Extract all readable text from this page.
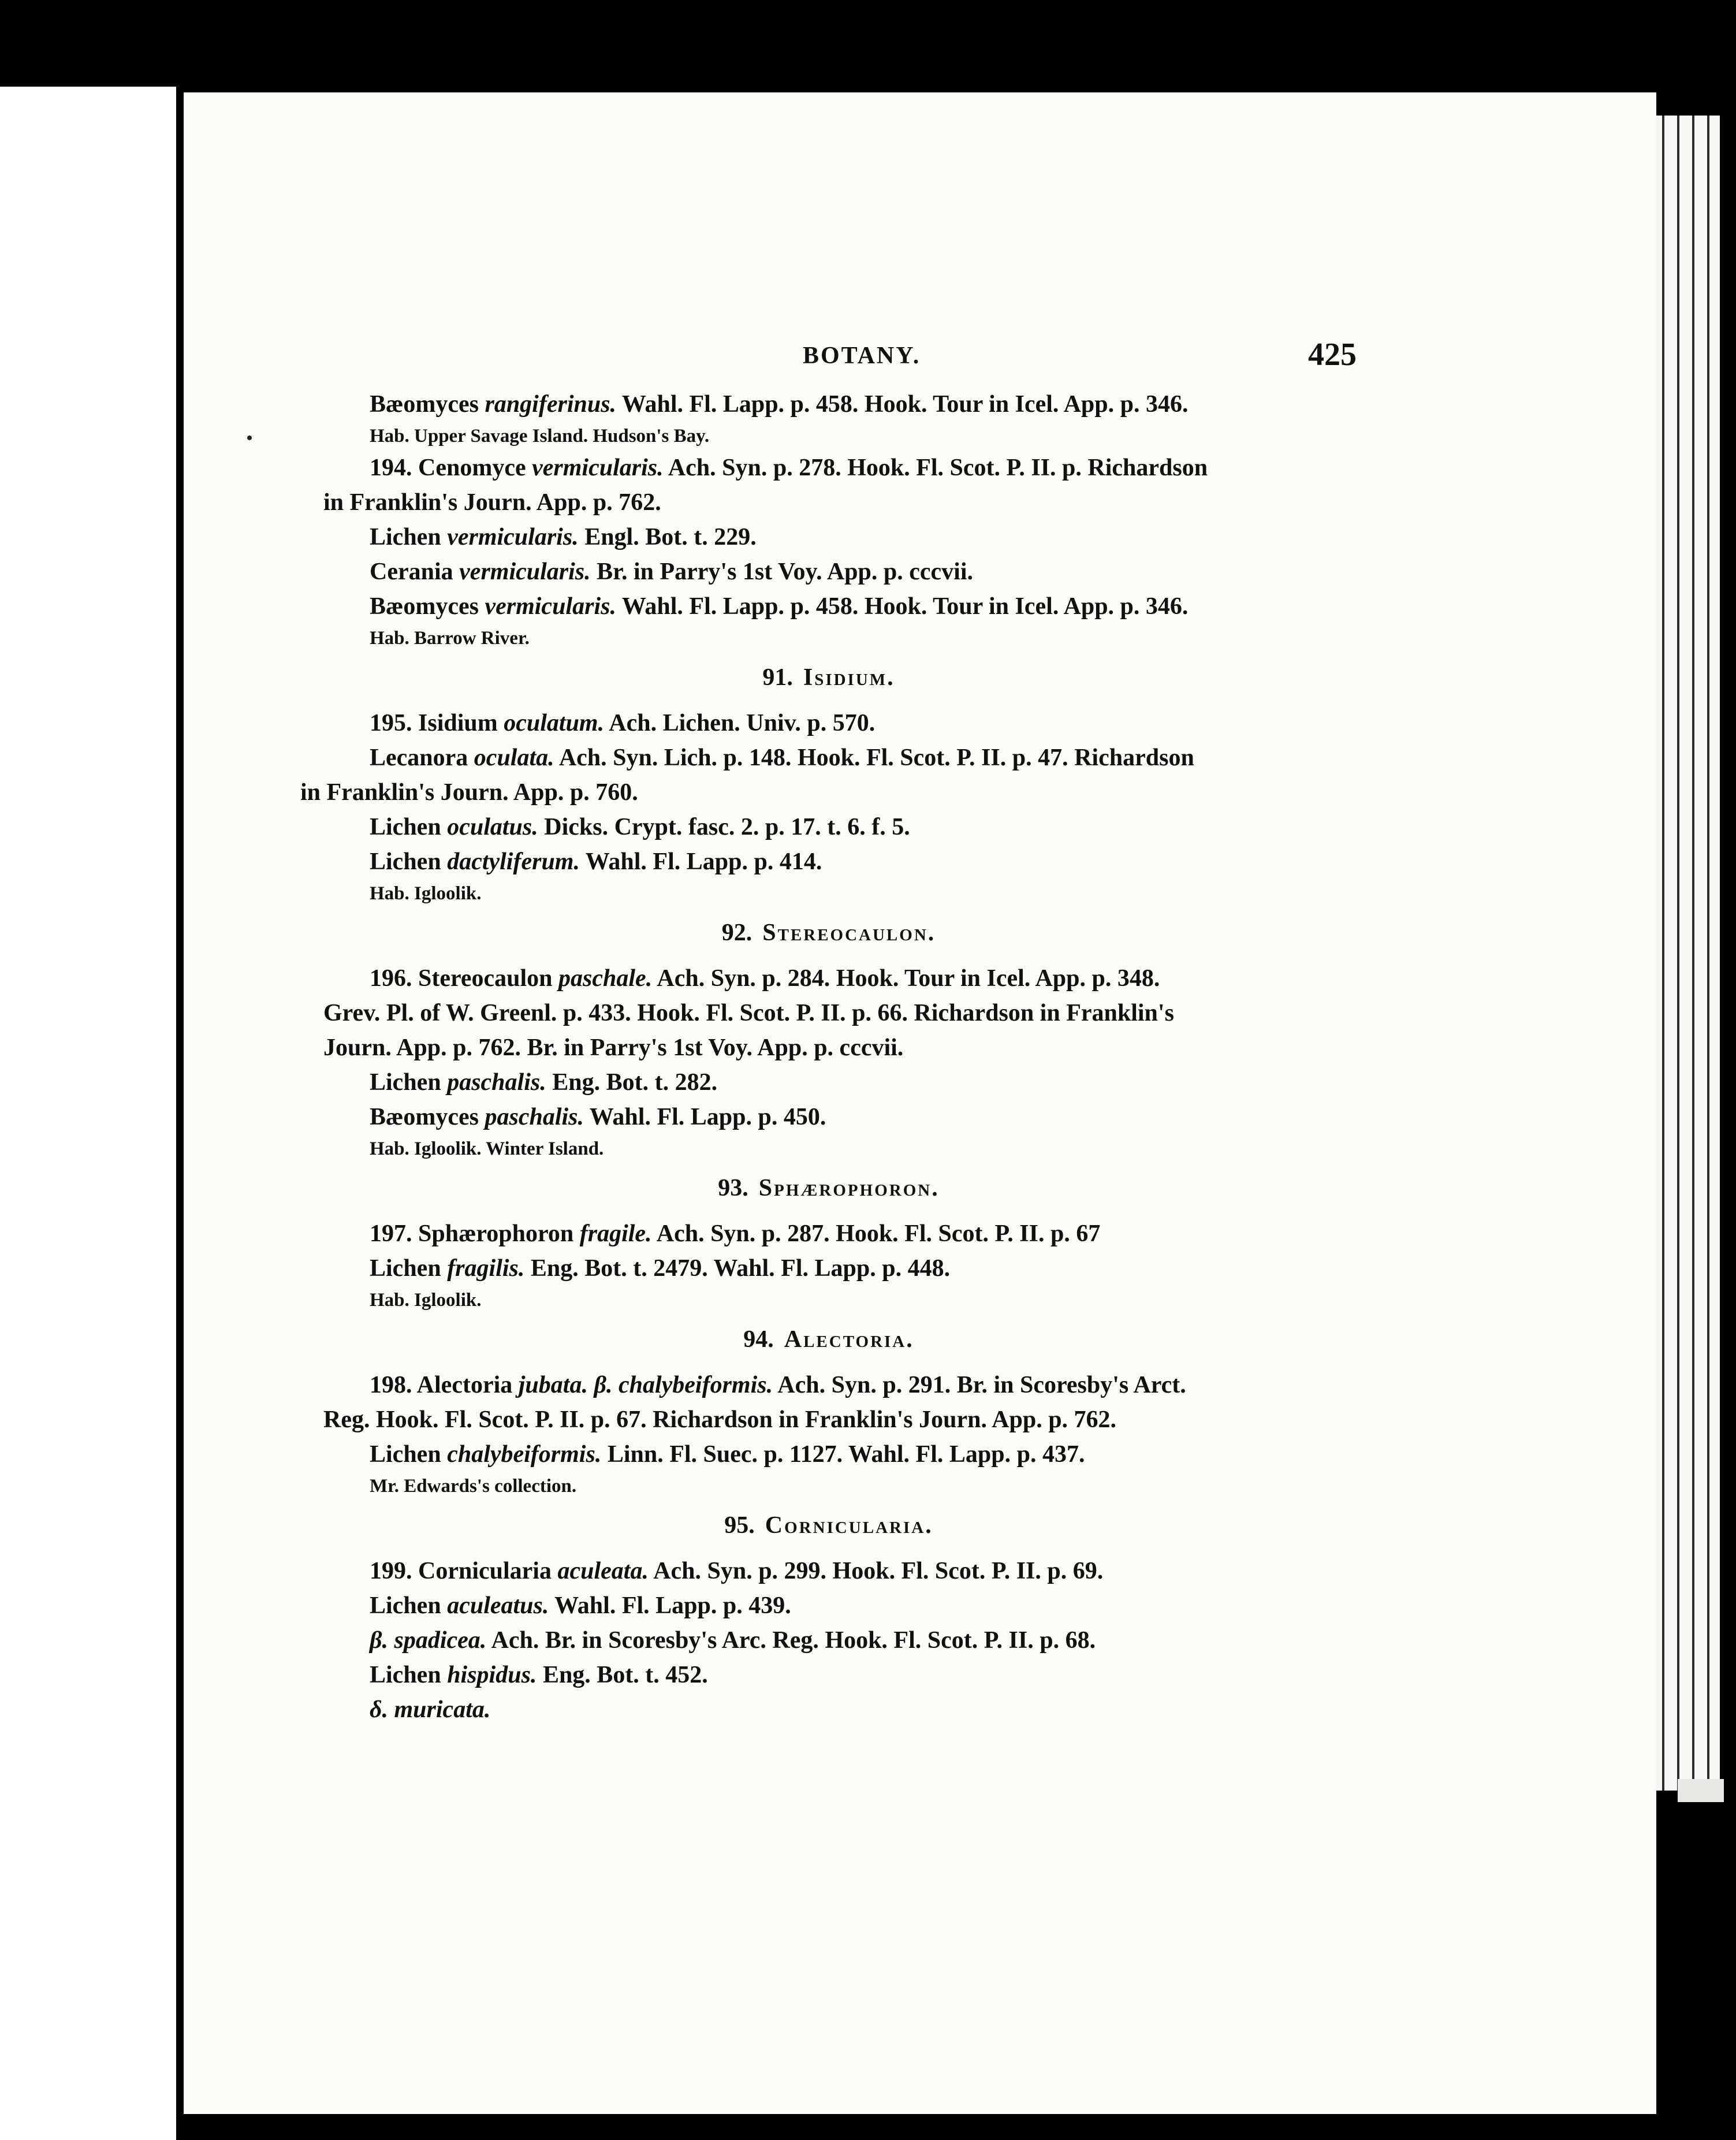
BOTANY.	425

Bæomyces rangiferinus. Wahl. Fl. Lapp. p. 458. Hook. Tour in Icel. App. p. 346.

Hab. Upper Savage Island. Hudson's Bay.

194. Cenomyce vermicularis. Ach. Syn. p. 278. Hook. Fl. Scot. P. II. p. Richardson

in Franklin's Journ. App. p. 762.

Lichen vermicularis. Engl. Bot. t. 229.

Cerania vermicularis. Br. in Parry's 1st Voy. App. p. cccvii.

Bæomyces vermicularis. Wahl. Fl. Lapp. p. 458. Hook. Tour in Icel. App. p. 346.

Hab. Barrow River.

91. Isidium.

195. Isidium oculatum. Ach. Lichen. Univ. p. 570.

Lecanora oculata. Ach. Syn. Lich. p. 148. Hook. Fl. Scot. P. II. p. 47. Richardson

in Franklin's Journ. App. p. 760.

Lichen oculatus. Dicks. Crypt. fasc. 2. p. 17. t. 6. f. 5.

Lichen dactyliferum. Wahl. Fl. Lapp. p. 414.

Hab. Igloolik.

92. Stereocaulon.

196. Stereocaulon paschale. Ach. Syn. p. 284. Hook. Tour in Icel. App. p. 348.

Grev. Pl. of W. Greenl. p. 433. Hook. Fl. Scot. P. II. p. 66. Richardson in Franklin's

Journ. App. p. 762. Br. in Parry's 1st Voy. App. p. cccvii.

Lichen paschalis. Eng. Bot. t. 282.

Bæomyces paschalis. Wahl. Fl. Lapp. p. 450.

Hab. Igloolik. Winter Island.

93. Sphærophoron.

197. Sphærophoron fragile. Ach. Syn. p. 287. Hook. Fl. Scot. P. II. p. 67

Lichen fragilis. Eng. Bot. t. 2479. Wahl. Fl. Lapp. p. 448.

Hab. Igloolik.

94. Alectoria.

198. Alectoria jubata. β. chalybeiformis. Ach. Syn. p. 291. Br. in Scoresby's Arct.

Reg. Hook. Fl. Scot. P. II. p. 67. Richardson in Franklin's Journ. App. p. 762.

Lichen chalybeiformis. Linn. Fl. Suec. p. 1127. Wahl. Fl. Lapp. p. 437.

Mr. Edwards's collection.

95. Cornicularia.

199. Cornicularia aculeata. Ach. Syn. p. 299. Hook. Fl. Scot. P. II. p. 69.

Lichen aculeatus. Wahl. Fl. Lapp. p. 439.

β. spadicea. Ach. Br. in Scoresby's Arc. Reg. Hook. Fl. Scot. P. II. p. 68.

Lichen hispidus. Eng. Bot. t. 452.

δ. muricata.
